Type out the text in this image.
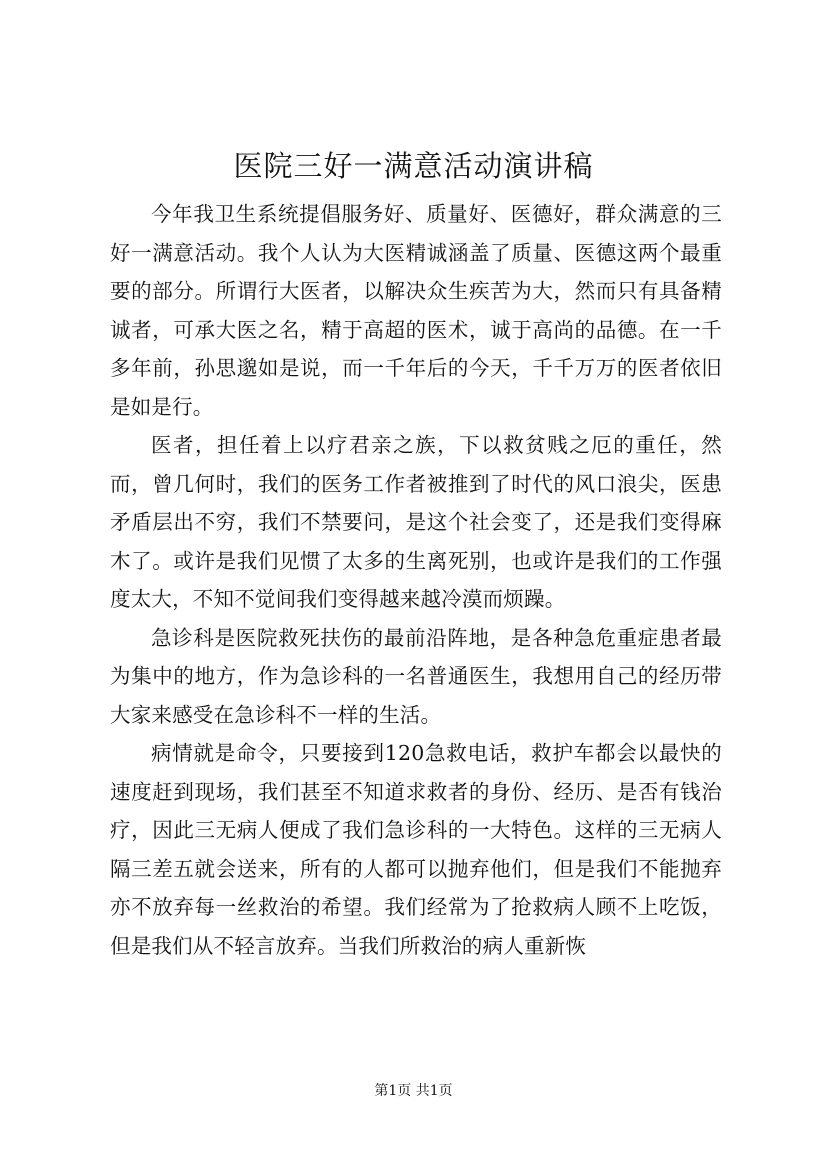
医院三好一满意活动演讲稿

今年我卫生系统提倡服务好、质量好、医德好，群众满意的三好一满意活动。我个人认为大医精诚涵盖了质量、医德这两个最重要的部分。所谓行大医者，以解决众生疾苦为大，然而只有具备精诚者，可承大医之名，精于高超的医术，诚于高尚的品德。在一千多年前，孙思邈如是说，而一千年后的今天，千千万万的医者依旧是如是行。

医者，担任着上以疗君亲之族，下以救贫贱之厄的重任，然而，曾几何时，我们的医务工作者被推到了时代的风口浪尖，医患矛盾层出不穷，我们不禁要问，是这个社会变了，还是我们变得麻木了。或许是我们见惯了太多的生离死别，也或许是我们的工作强度太大，不知不觉间我们变得越来越冷漠而烦躁。

急诊科是医院救死扶伤的最前沿阵地，是各种急危重症患者最为集中的地方，作为急诊科的一名普通医生，我想用自己的经历带大家来感受在急诊科不一样的生活。

病情就是命令，只要接到120急救电话，救护车都会以最快的速度赶到现场，我们甚至不知道求救者的身份、经历、是否有钱治疗，因此三无病人便成了我们急诊科的一大特色。这样的三无病人隔三差五就会送来，所有的人都可以抛弃他们，但是我们不能抛弃亦不放弃每一丝救治的希望。我们经常为了抢救病人顾不上吃饭，但是我们从不轻言放弃。当我们所救治的病人重新恢

第1页 共1页
